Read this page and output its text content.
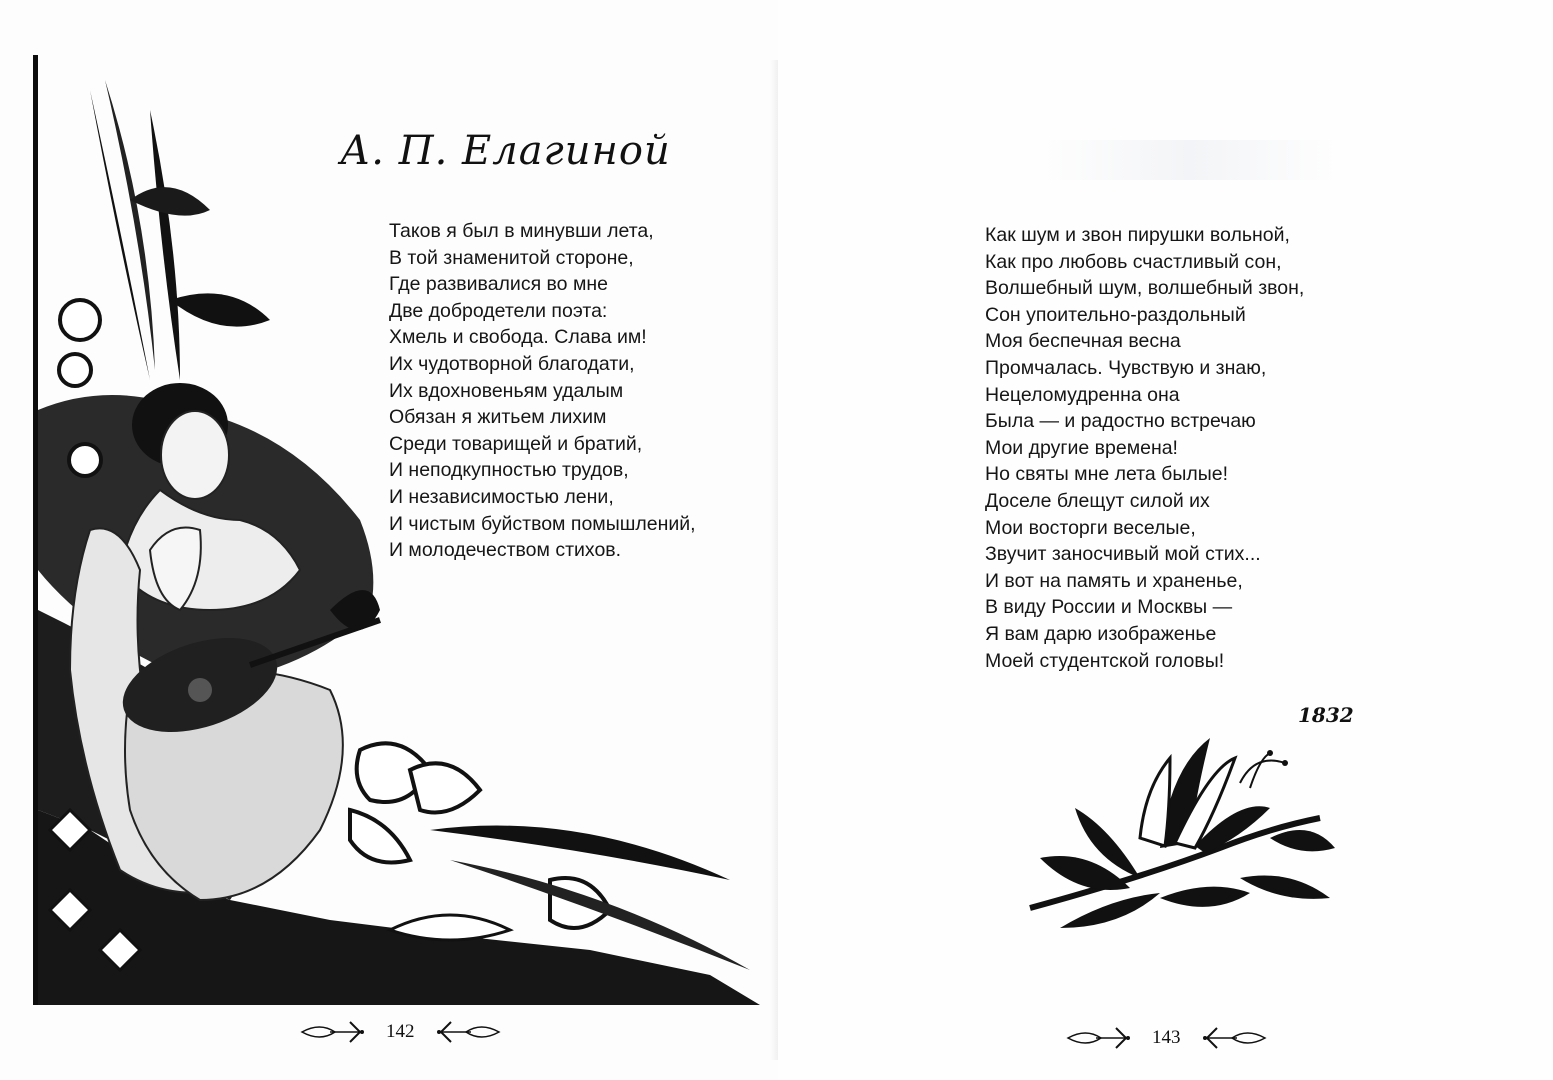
А. П. Елагиной
Таков я был в минувши лета,
В той знаменитой стороне,
Где развивалися во мне
Две добродетели поэта:
Хмель и свобода. Слава им!
Их чудотворной благодати,
Их вдохновеньям удалым
Обязан я житьем лихим
Среди товарищей и братий,
И неподкупностью трудов,
И независимостью лени,
И чистым буйством помышлений,
И молодечеством стихов.
142
Как шум и звон пирушки вольной,
Как про любовь счастливый сон,
Волшебный шум, волшебный звон,
Сон упоительно-раздольный
Моя беспечная весна
Промчалась. Чувствую и знаю,
Нецеломудренна она
Была — и радостно встречаю
Мои другие времена!
Но святы мне лета былые!
Доселе блещут силой их
Мои восторги веселые,
Звучит заносчивый мой стих...
И вот на память и храненье,
В виду России и Москвы —
Я вам дарю изображенье
Моей студентской головы!
1832
143
